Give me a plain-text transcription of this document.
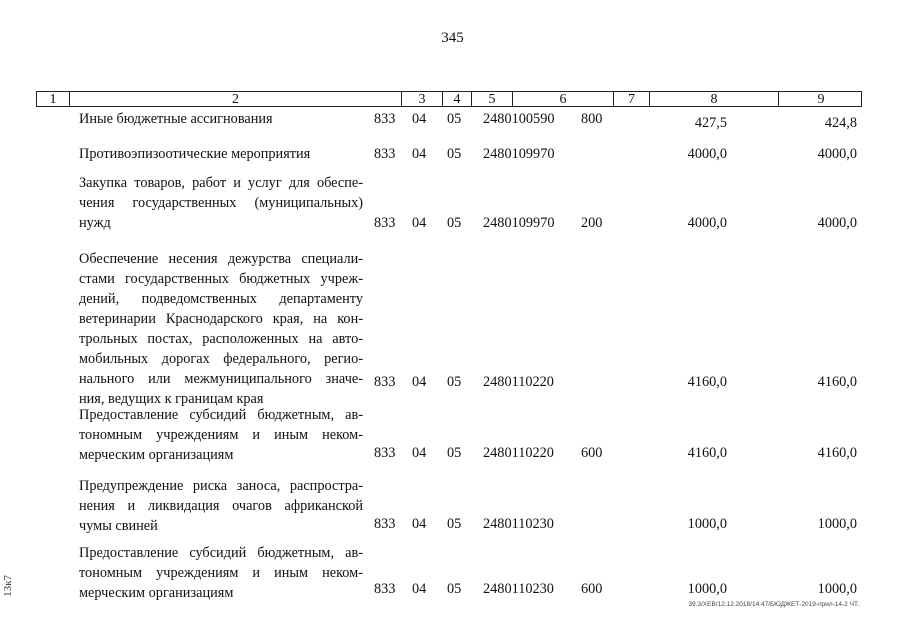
345
1	2	3	4	5	6	7	8	9
Иные бюджетные ассигнования	833 04 05 2480100590 800	427,5	424,8
Противоэпизоотические мероприятия	833 04 05 2480109970	4000,0	4000,0
Закупка товаров, работ и услуг для обеспе-
чения государственных (муниципальных)
нужд	833 04 05 2480109970 200	4000,0	4000,0
Обеспечение несения дежурства специали-
стами государственных бюджетных учреж-
дений, подведомственных департаменту
ветеринарии Краснодарского края, на кон-
трольных постах, расположенных на авто-
мобильных дорогах федерального, регио-
нального или межмуниципального значе-
ния, ведущих к границам края
833 04 05 2480110220	4160,0	4160,0
Предоставление субсидий бюджетным, ав-
тономным учреждениям и иным неком-
мерческим организациям	833 04 05 2480110220 600	4160,0	4160,0
Предупреждение риска заноса, распростра-
нения и ликвидация очагов африканской
чумы свиней	833 04 05 2480110230	1000,0	1000,0
Предоставление субсидий бюджетным, ав-
тономным учреждениям и иным неком-
мерческим организациям	833 04 05 2480110230 600	1000,0	1000,0
13к7
39.3/ХЕВ/12.12.2018/14:47/БЮДЖЕТ-2019-прил-14-2 ЧТ.
